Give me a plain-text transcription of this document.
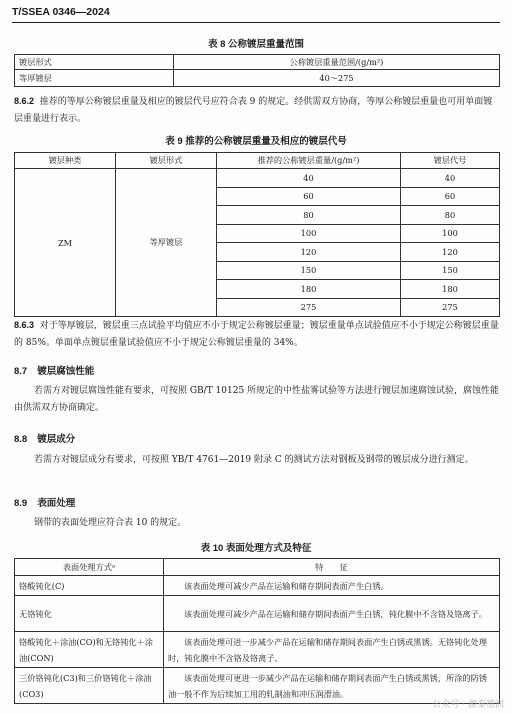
T/SSEA 0346—2024
表 8 公称镀层重量范围
镀层形式	公称镀层重量范围/(g/m²)
等厚镀层	40～275
8.6.2 推荐的等厚公称镀层重量及相应的镀层代号应符合表 9 的规定。经供需双方协商，等厚公称镀层重量也可用单面镀层重量进行表示。
表 9 推荐的公称镀层重量及相应的镀层代号
镀层种类	镀层形式	推荐的公称镀层重量/(g/m²)	镀层代号
ZM	等厚镀层	40	40
		60	60
		80	80
		100	100
		120	120
		150	150
		180	180
		275	275
8.6.3 对于等厚镀层，镀层重三点试验平均值应不小于规定公称镀层重量；镀层重量单点试验值应不小于规定公称镀层重量的 85%。单面单点镀层重量试验值应不小于规定公称镀层重量的 34%。
8.7 镀层腐蚀性能
若需方对镀层腐蚀性能有要求，可按照 GB/T 10125 所规定的中性盐雾试验等方法进行镀层加速腐蚀试验，腐蚀性能由供需双方协商确定。
8.8 镀层成分
若需方对镀层成分有要求，可按照 YB/T 4761—2019 附录 C 的测试方法对钢板及钢带的镀层成分进行测定。
8.9 表面处理
钢带的表面处理应符合表 10 的规定。
表 10 表面处理方式及特征
表面处理方式ᵃ	特　　征
铬酸钝化(C)	该表面处理可减少产品在运输和储存期间表面产生白锈。
无铬钝化	该表面处理可减少产品在运输和储存期间表面产生白锈，钝化膜中不含铬及铬离子。
铬酸钝化＋涂油(CO)和无铬钝化＋涂油(CON)	该表面处理可进一步减少产品在运输和储存期间表面产生白锈或黑锈。无铬钝化处理时，钝化膜中不含铬及铬离子。
三价铬钝化(C3)和三价铬钝化＋涂油(CO3)	该表面处理可更进一步减少产品在运输和储存期间表面产生白锈或黑锈，所涂的防锈油一般不作为后续加工用的轧制油和冲压润滑油。
公众号 · 源泰德润
